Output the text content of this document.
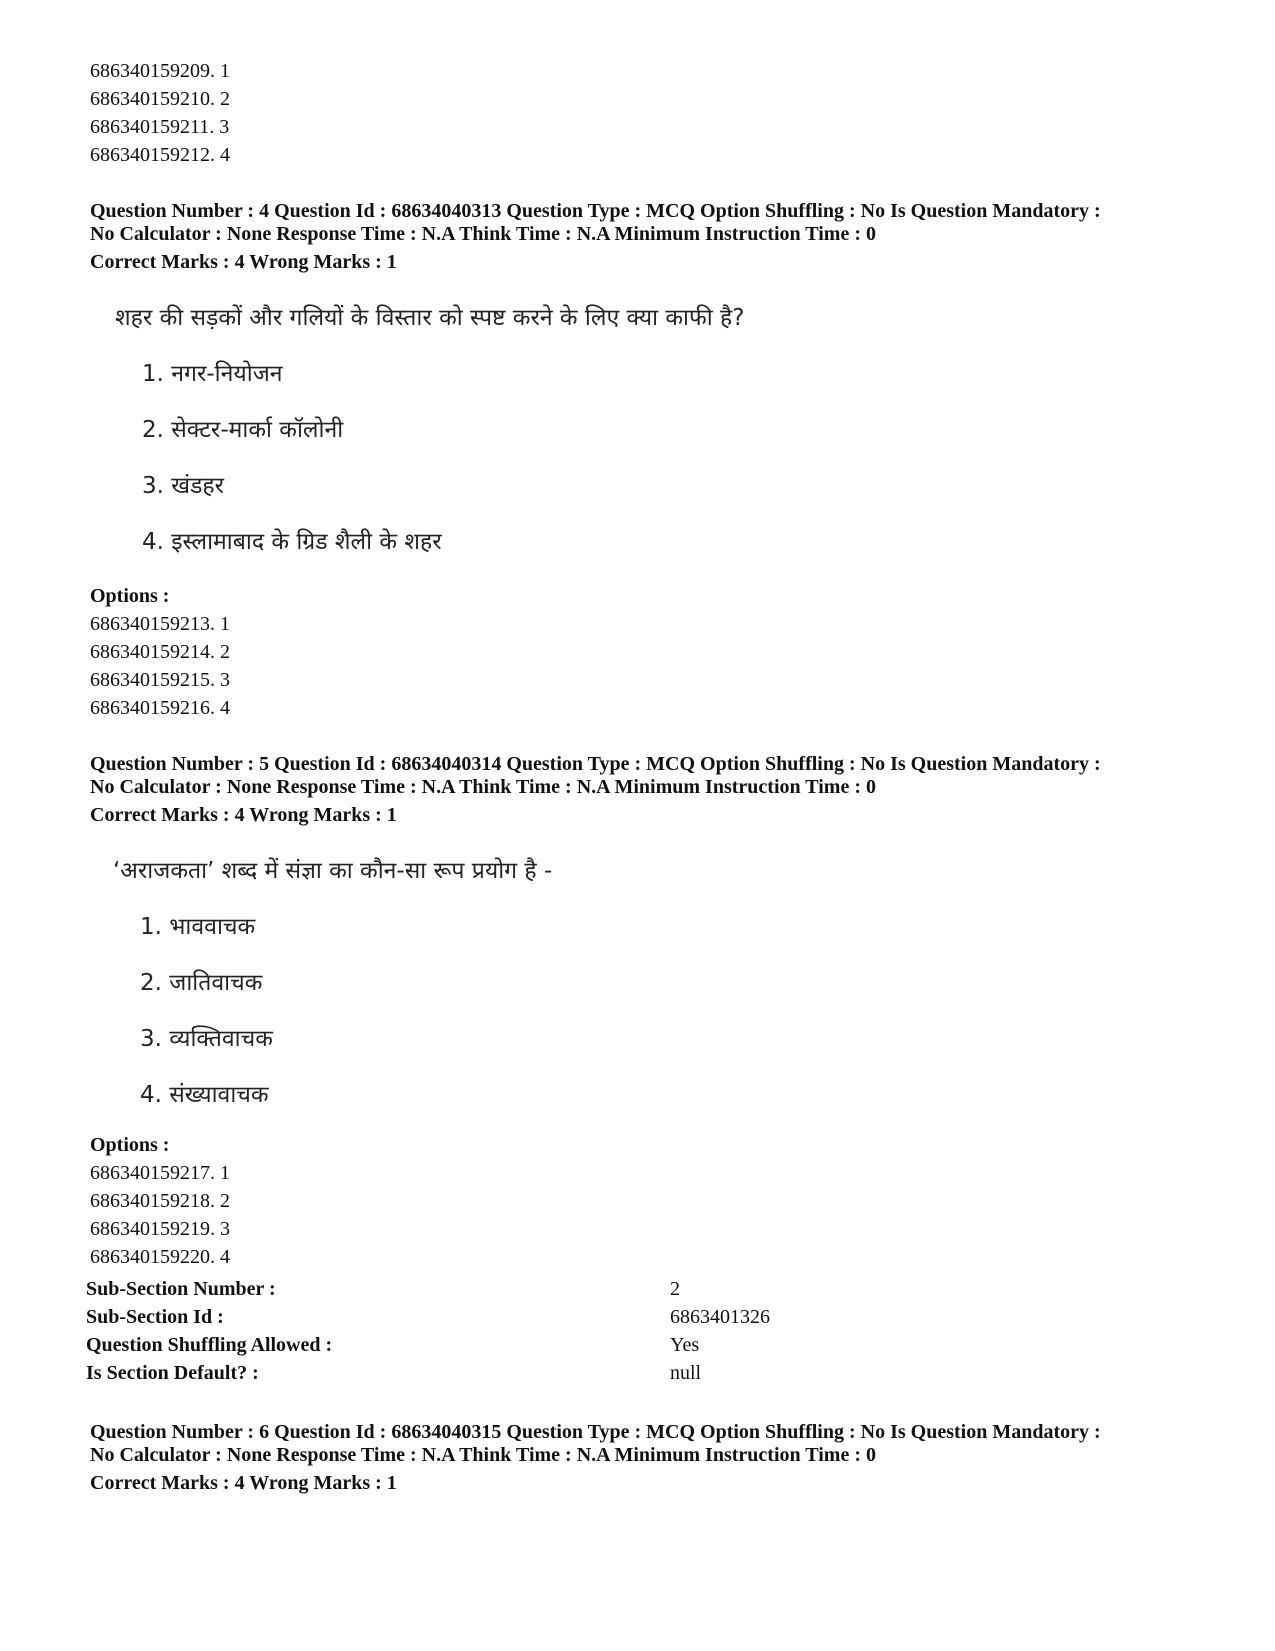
686340159209. 1
686340159210. 2
686340159211. 3
686340159212. 4
Question Number : 4 Question Id : 68634040313 Question Type : MCQ Option Shuffling : No Is Question Mandatory :
No Calculator : None Response Time : N.A Think Time : N.A Minimum Instruction Time : 0
Correct Marks : 4 Wrong Marks : 1
शहर की सड़कों और गलियों के विस्तार को स्पष्ट करने के लिए क्या काफी है?
1. नगर-नियोजन
2. सेक्टर-मार्का कॉलोनी
3. खंडहर
4. इस्लामाबाद के ग्रिड शैली के शहर
Options :
686340159213. 1
686340159214. 2
686340159215. 3
686340159216. 4
Question Number : 5 Question Id : 68634040314 Question Type : MCQ Option Shuffling : No Is Question Mandatory :
No Calculator : None Response Time : N.A Think Time : N.A Minimum Instruction Time : 0
Correct Marks : 4 Wrong Marks : 1
‘अराजकता’ शब्द में संज्ञा का कौन-सा रूप प्रयोग है -
1. भाववाचक
2. जातिवाचक
3. व्यक्तिवाचक
4. संख्यावाचक
Options :
686340159217. 1
686340159218. 2
686340159219. 3
686340159220. 4
Sub-Section Number :	2
Sub-Section Id :	6863401326
Question Shuffling Allowed :	Yes
Is Section Default? :	null
Question Number : 6 Question Id : 68634040315 Question Type : MCQ Option Shuffling : No Is Question Mandatory :
No Calculator : None Response Time : N.A Think Time : N.A Minimum Instruction Time : 0
Correct Marks : 4 Wrong Marks : 1
